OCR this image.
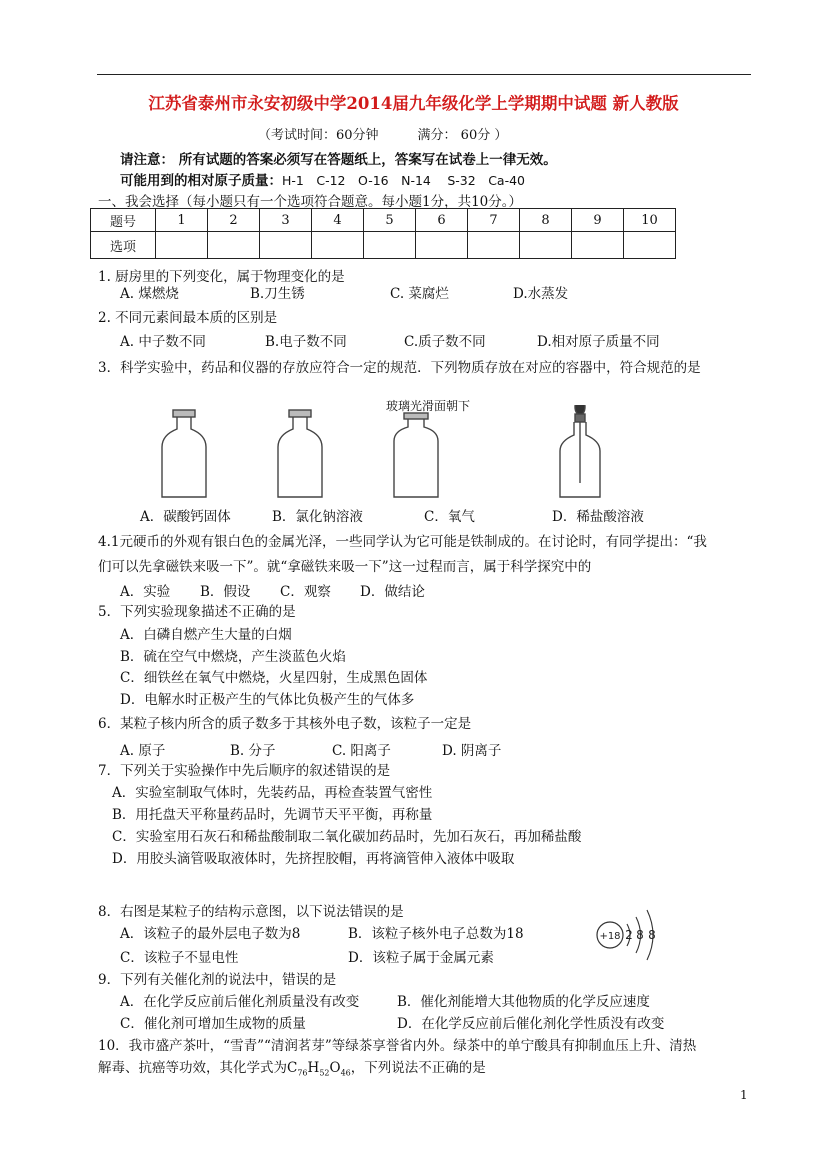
江苏省泰州市永安初级中学2014届九年级化学上学期期中试题 新人教版
（考试时间：60分钟　　　满分： 60分 ）
请注意： 所有试题的答案必须写在答题纸上，答案写在试卷上一律无效。
可能用到的相对原子质量：H-1　C-12　O-16　N-14　 S-32　Ca-40
一、我会选择（每小题只有一个选项符合题意。每小题1分，共10分。）
题号	1	2	3	4	5	6	7	8	9	10
选项										
1. 厨房里的下列变化，属于物理变化的是
A. 煤燃烧	B.刀生锈	C. 菜腐烂	D.水蒸发
2. 不同元素间最本质的区别是
A. 中子数不同	B.电子数不同	C.质子数不同	D.相对原子质量不同
3．科学实验中，药品和仪器的存放应符合一定的规范．下列物质存放在对应的容器中，符合规范的是
玻璃光滑面朝下
A．碳酸钙固体	B．氯化钠溶液	C．氧气	D．稀盐酸溶液
4.1元硬币的外观有银白色的金属光泽，一些同学认为它可能是铁制成的。在讨论时，有同学提出：“我
们可以先拿磁铁来吸一下”。就“拿磁铁来吸一下”这一过程而言，属于科学探究中的
A．实验 B．假设 C．观察 D．做结论
5．下列实验现象描述不正确的是
A．白磷自燃产生大量的白烟
B．硫在空气中燃烧，产生淡蓝色火焰
C．细铁丝在氧气中燃烧，火星四射，生成黑色固体
D．电解水时正极产生的气体比负极产生的气体多
6．某粒子核内所含的质子数多于其核外电子数，该粒子一定是
A. 原子	B. 分子	C. 阳离子	D. 阴离子
7．下列关于实验操作中先后顺序的叙述错误的是
A．实验室制取气体时，先装药品，再检查装置气密性
B．用托盘天平称量药品时，先调节天平平衡，再称量
C．实验室用石灰石和稀盐酸制取二氧化碳加药品时，先加石灰石，再加稀盐酸
D．用胶头滴管吸取液体时，先挤捏胶帽，再将滴管伸入液体中吸取
8．右图是某粒子的结构示意图，以下说法错误的是
A．该粒子的最外层电子数为8	B．该粒子核外电子总数为18
C．该粒子不显电性	D．该粒子属于金属元素
+18 2 8 8
9．下列有关催化剂的说法中，错误的是
A．在化学反应前后催化剂质量没有改变	B．催化剂能增大其他物质的化学反应速度
C．催化剂可增加生成物的质量	D．在化学反应前后催化剂化学性质没有改变
10．我市盛产茶叶，“雪青”“清润茗芽”等绿茶享誉省内外。绿茶中的单宁酸具有抑制血压上升、清热
解毒、抗癌等功效，其化学式为$C_{76}H_{52}O_{46}$，下列说法不正确的是
1
